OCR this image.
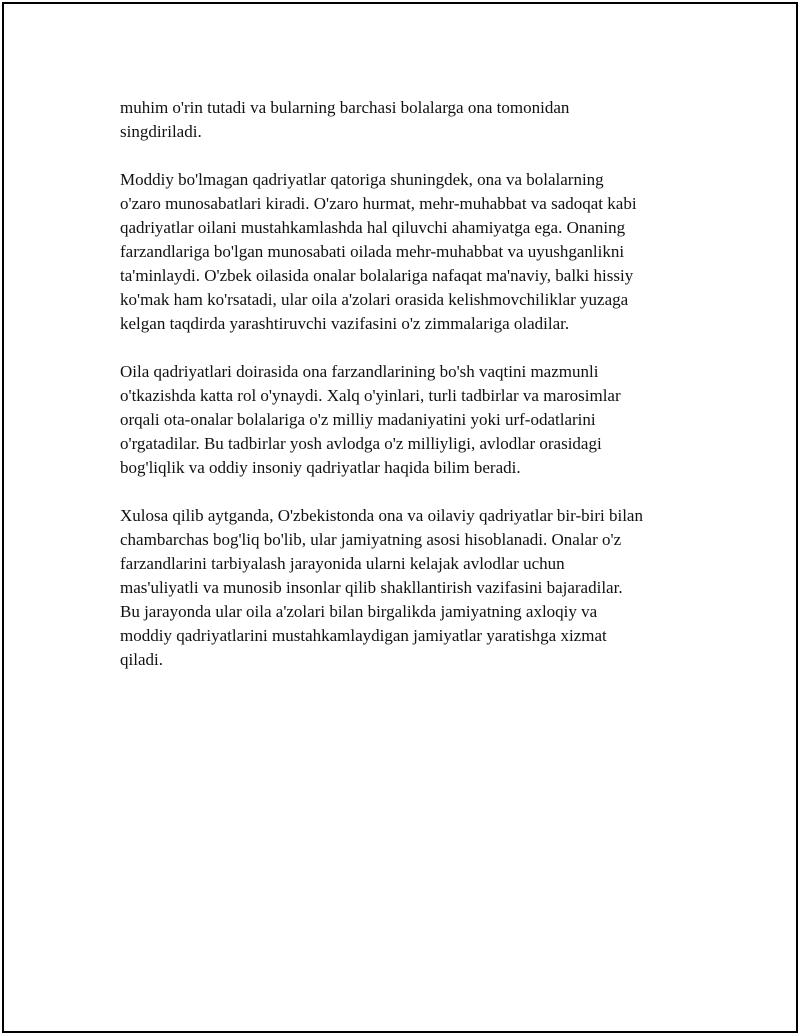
muhim o'rin tutadi va bularning barchasi bolalarga ona tomonidan
singdiriladi.

Moddiy bo'lmagan qadriyatlar qatoriga shuningdek, ona va bolalarning
o'zaro munosabatlari kiradi. O'zaro hurmat, mehr-muhabbat va sadoqat kabi
qadriyatlar oilani mustahkamlashda hal qiluvchi ahamiyatga ega. Onaning
farzandlariga bo'lgan munosabati oilada mehr-muhabbat va uyushganlikni
ta'minlaydi. O'zbek oilasida onalar bolalariga nafaqat ma'naviy, balki hissiy
ko'mak ham ko'rsatadi, ular oila a'zolari orasida kelishmovchiliklar yuzaga
kelgan taqdirda yarashtiruvchi vazifasini o'z zimmalariga oladilar.

Oila qadriyatlari doirasida ona farzandlarining bo'sh vaqtini mazmunli
o'tkazishda katta rol o'ynaydi. Xalq o'yinlari, turli tadbirlar va marosimlar
orqali ota-onalar bolalariga o'z milliy madaniyatini yoki urf-odatlarini
o'rgatadilar. Bu tadbirlar yosh avlodga o'z milliyligi, avlodlar orasidagi
bog'liqlik va oddiy insoniy qadriyatlar haqida bilim beradi.

Xulosa qilib aytganda, O'zbekistonda ona va oilaviy qadriyatlar bir-biri bilan
chambarchas bog'liq bo'lib, ular jamiyatning asosi hisoblanadi. Onalar o'z
farzandlarini tarbiyalash jarayonida ularni kelajak avlodlar uchun
mas'uliyatli va munosib insonlar qilib shakllantirish vazifasini bajaradilar.
Bu jarayonda ular oila a'zolari bilan birgalikda jamiyatning axloqiy va
moddiy qadriyatlarini mustahkamlaydigan jamiyatlar yaratishga xizmat
qiladi.
